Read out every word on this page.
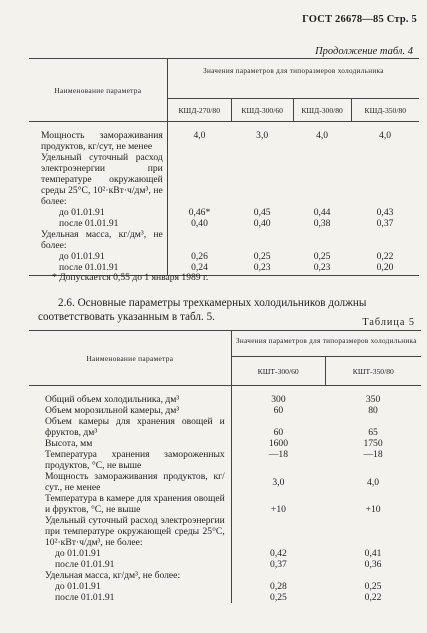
ГОСТ 26678—85 Стр. 5
Продолжение табл. 4
Наименование параметра	Значения параметров для типоразмеров холодильника			
	КШД-270/80	КШД-300/60	КШД-300/80	КШД-350/80
Мощность замораживания продуктов, кг/сут, не менее	4,0	3,0	4,0	4,0
Удельный суточный расход электроэнергии при температуре окружающей среды 25°С, 10²·кВт·ч/дм³, не более:				
до 01.01.91	0,46*	0,45	0,44	0,43
после 01.01.91	0,40	0,40	0,38	0,37
Удельная масса, кг/дм³, не более:				
до 01.01.91	0,26	0,25	0,25	0,22
после 01.01.91	0,24	0,23	0,23	0,20
* Допускается 0,55 до 1 января 1989 г.
2.6. Основные параметры трехкамерных холодильников должны соответствовать указанным в табл. 5.	Таблица 5
Наименование параметра	Значения параметров для типоразмеров холодильника	
	КШТ-300/60	КШТ-350/80
Общий объем холодильника, дм³	300	350
Объем морозильной камеры, дм³	60	80
Объем камеры для хранения овощей и фруктов, дм³	60	65
Высота, мм	1600	1750
Температура хранения замороженных продуктов, °С, не выше	—18	—18
Мощность замораживания продуктов, кг/сут., не менее	3,0	4,0
Температура в камере для хранения овощей и фруктов, °С, не выше	+10	+10
Удельный суточный расход электроэнергии при температуре окружающей среды 25°С, 10²·кВт·ч/дм³, не более:		
до 01.01.91	0,42	0,41
после 01.01.91	0,37	0,36
Удельная масса, кг/дм³, не более:		
до 01.01.91	0,28	0,25
после 01.01.91	0,25	0,22
